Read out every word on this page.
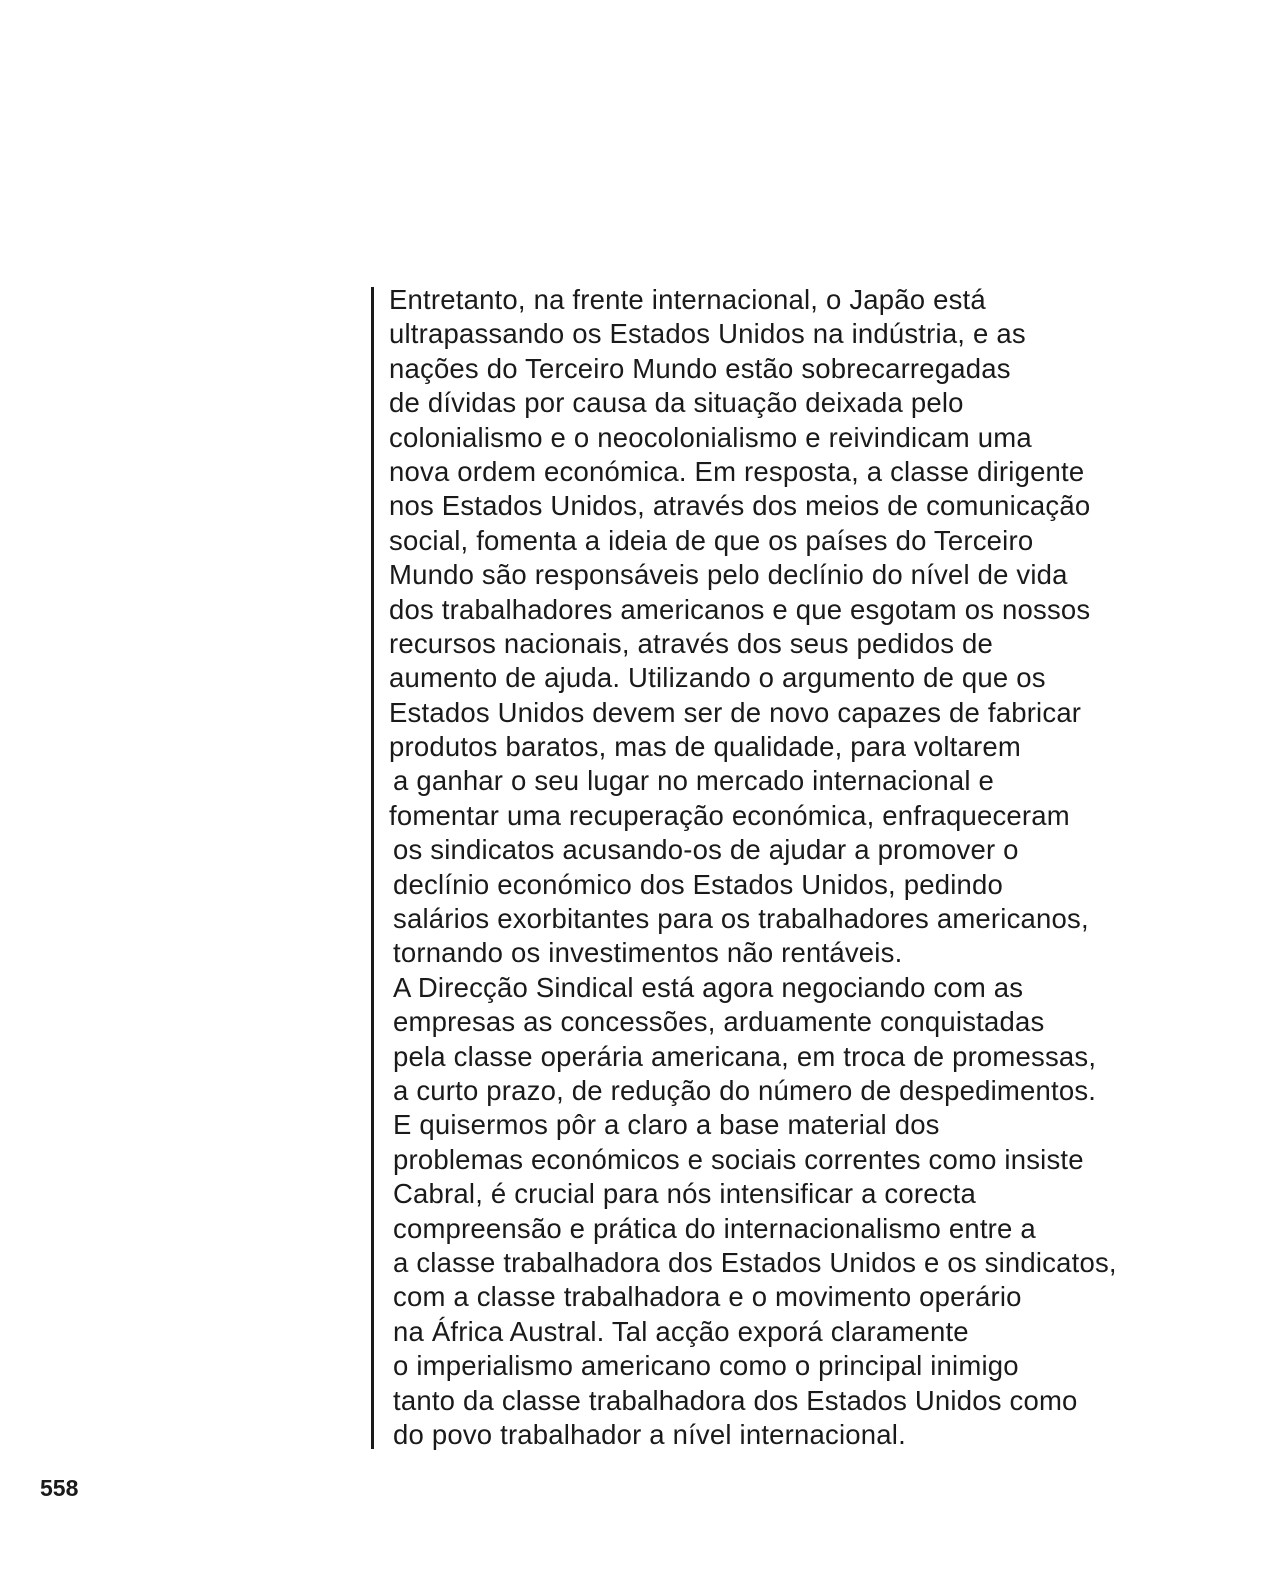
Entretanto, na frente internacional, o Japão está
ultrapassando os Estados Unidos na indústria, e as
nações do Terceiro Mundo estão sobrecarregadas
de dívidas por causa da situação deixada pelo
colonialismo e o neocolonialismo e reivindicam uma
nova ordem económica. Em resposta, a classe dirigente
nos Estados Unidos, através dos meios de comunicação
social, fomenta a ideia de que os países do Terceiro
Mundo são responsáveis pelo declínio do nível de vida
dos trabalhadores americanos e que esgotam os nossos
recursos nacionais, através dos seus pedidos de
aumento de ajuda. Utilizando o argumento de que os
Estados Unidos devem ser de novo capazes de fabricar
produtos baratos, mas de qualidade, para voltarem
a ganhar o seu lugar no mercado internacional e
fomentar uma recuperação económica, enfraqueceram
os sindicatos acusando-os de ajudar a promover o
declínio económico dos Estados Unidos, pedindo
salários exorbitantes para os trabalhadores americanos,
tornando os investimentos não rentáveis.
A Direcção Sindical está agora negociando com as
empresas as concessões, arduamente conquistadas
pela classe operária americana, em troca de promessas,
a curto prazo, de redução do número de despedimentos.
E quisermos pôr a claro a base material dos
problemas económicos e sociais correntes como insiste
Cabral, é crucial para nós intensificar a corecta
compreensão e prática do internacionalismo entre a
a classe trabalhadora dos Estados Unidos e os sindicatos,
com a classe trabalhadora e o movimento operário
na África Austral. Tal acção exporá claramente
o imperialismo americano como o principal inimigo
tanto da classe trabalhadora dos Estados Unidos como
do povo trabalhador a nível internacional.
558
